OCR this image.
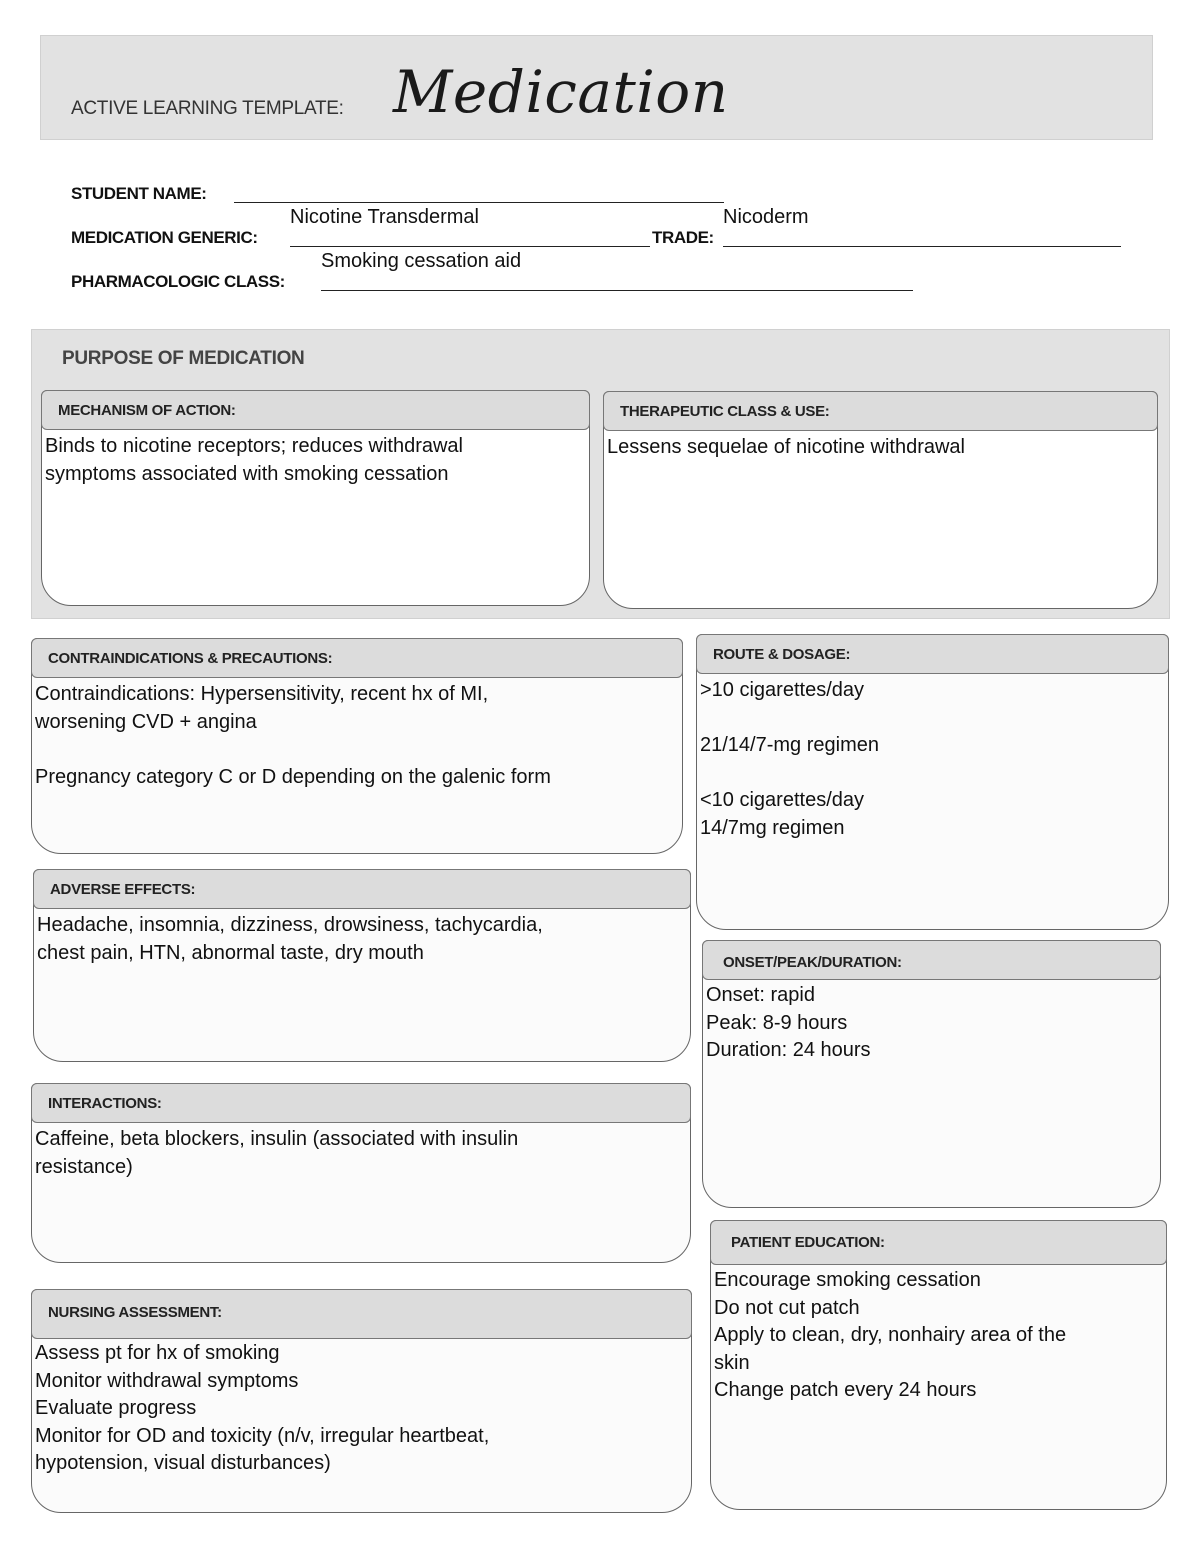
ACTIVE LEARNING TEMPLATE: Medication
STUDENT NAME:
MEDICATION GENERIC:
Nicotine Transdermal
TRADE:
Nicoderm
PHARMACOLOGIC CLASS:
Smoking cessation aid
PURPOSE OF MEDICATION
MECHANISM OF ACTION:
Binds to nicotine receptors; reduces withdrawal
symptoms associated with smoking cessation
THERAPEUTIC CLASS & USE:
Lessens sequelae of nicotine withdrawal
CONTRAINDICATIONS & PRECAUTIONS:
Contraindications: Hypersensitivity, recent hx of MI,
worsening CVD + angina
Pregnancy category C or D depending on the galenic form
ADVERSE EFFECTS:
Headache, insomnia, dizziness, drowsiness, tachycardia,
chest pain, HTN, abnormal taste, dry mouth
INTERACTIONS:
Caffeine, beta blockers, insulin (associated with insulin
resistance)
NURSING ASSESSMENT:
Assess pt for hx of smoking
Monitor withdrawal symptoms
Evaluate progress
Monitor for OD and toxicity (n/v, irregular heartbeat,
hypotension, visual disturbances)
ROUTE & DOSAGE:
>10 cigarettes/day
21/14/7-mg regimen
<10 cigarettes/day
14/7mg regimen
ONSET/PEAK/DURATION:
Onset: rapid
Peak: 8-9 hours
Duration: 24 hours
PATIENT EDUCATION:
Encourage smoking cessation
Do not cut patch
Apply to clean, dry, nonhairy area of the
skin
Change patch every 24 hours
